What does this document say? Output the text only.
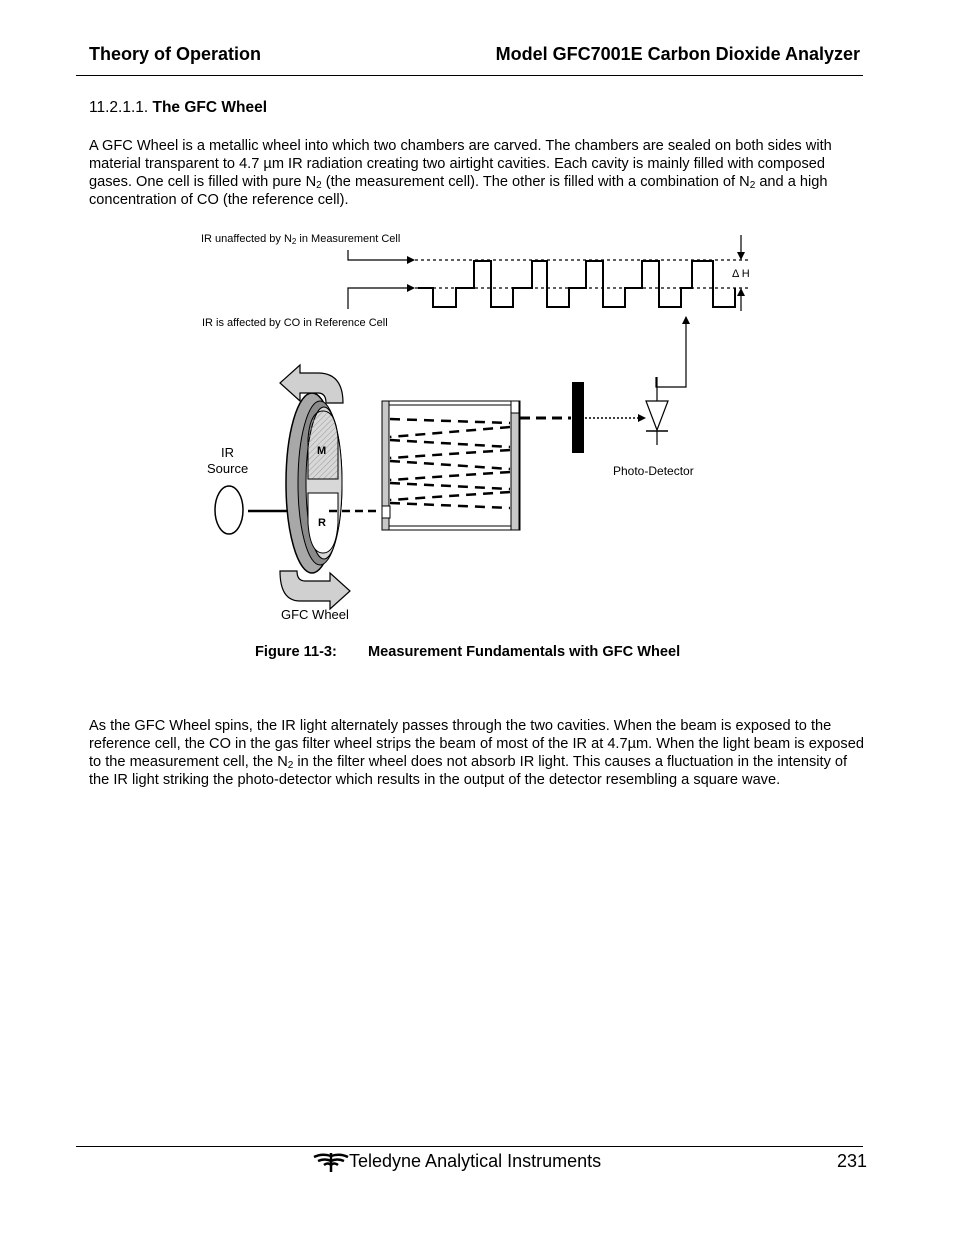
Theory of Operation	Model GFC7001E Carbon Dioxide Analyzer
11.2.1.1. The GFC Wheel
A GFC Wheel is a metallic wheel into which two chambers are carved. The chambers are sealed on both sides with material transparent to 4.7 µm IR radiation creating two airtight cavities. Each cavity is mainly filled with composed gases. One cell is filled with pure $N_2$ (the measurement cell). The other is filled with a combination of $N_2$ and a high concentration of CO (the reference cell).
IR unaffected by N2 in Measurement Cell
IR is affected by CO in Reference Cell
Δ H
Photo-Detector
IR
Source
M
R
GFC Wheel
Figure 11-3: Measurement Fundamentals with GFC Wheel
As the GFC Wheel spins, the IR light alternately passes through the two cavities. When the beam is exposed to the reference cell, the CO in the gas filter wheel strips the beam of most of the IR at 4.7µm. When the light beam is exposed to the measurement cell, the $N_2$ in the filter wheel does not absorb IR light. This causes a fluctuation in the intensity of the IR light striking the photo-detector which results in the output of the detector resembling a square wave.
Teledyne Analytical Instruments	231
